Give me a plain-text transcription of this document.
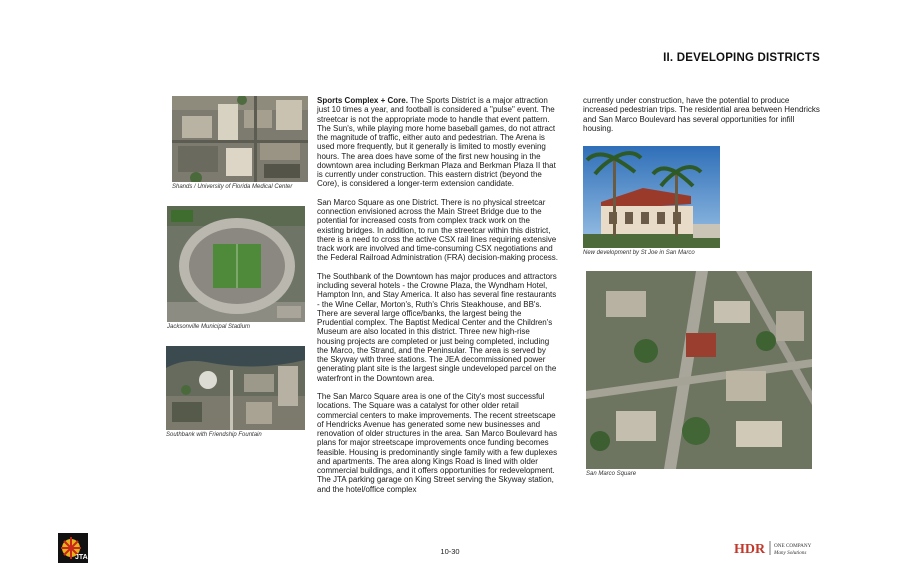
II. DEVELOPING DISTRICTS
Shands / University of Florida Medical Center
Jacksonville Municipal Stadium
Southbank with Friendship Fountain
New development by St Joe in San Marco
San Marco Square

Sports Complex + Core. The Sports District is a major attraction just 10 times a year, and football is considered a "pulse" event. The streetcar is not the appropriate mode to handle that event pattern. The Sun's, while playing more home baseball games, do not attract the magnitude of traffic, either auto and pedestrian. The Arena is used more frequently, but it generally is limited to mostly evening hours. The area does have some of the first new housing in the downtown area including Berkman Plaza and Berkman Plaza II that is currently under construction. This eastern district (beyond the Core), is considered a longer-term extension candidate.

San Marco Square as one District. There is no physical streetcar connection envisioned across the Main Street Bridge due to the potential for increased costs from complex track work on the existing bridges. In addition, to run the streetcar within this district, there is a need to cross the active CSX rail lines requiring extensive track work are involved and time-consuming CSX negotiations and the Federal Railroad Administration (FRA) decision-making process.

The Southbank of the Downtown has major produces and attractors including several hotels - the Crowne Plaza, the Wyndham Hotel, Hampton Inn, and Stay America. It also has several fine restaurants - the Wine Cellar, Morton's, Ruth's Chris Steakhouse, and BB's. There are several large office/banks, the largest being the Prudential complex. The Baptist Medical Center and the Children's Museum are also located in this district. Three new high-rise housing projects are completed or just being completed, including the Marco, the Strand, and the Peninsular. The area is served by the Skyway with three stations. The JEA decommissioned power generating plant site is the largest single undeveloped parcel on the waterfront in the Downtown area.

The San Marco Square area is one of the City's most successful locations. The Square was a catalyst for other older retail commercial centers to make improvements. The recent streetscape of Hendricks Avenue has generated some new businesses and renovation of older structures in the area. San Marco Boulevard has plans for major streetscape improvements once funding becomes feasible. Housing is predominantly single family with a few duplexes and apartments. The area along Kings Road is lined with older commercial buildings, and it offers opportunities for redevelopment. The JTA parking garage on King Street serving the Skyway station, and the hotel/office complex

currently under construction, have the potential to produce increased pedestrian trips. The residential area between Hendricks and San Marco Boulevard has several opportunities for infill housing.

10-30
JTA
HDR ONE COMPANY
Many Solutions
